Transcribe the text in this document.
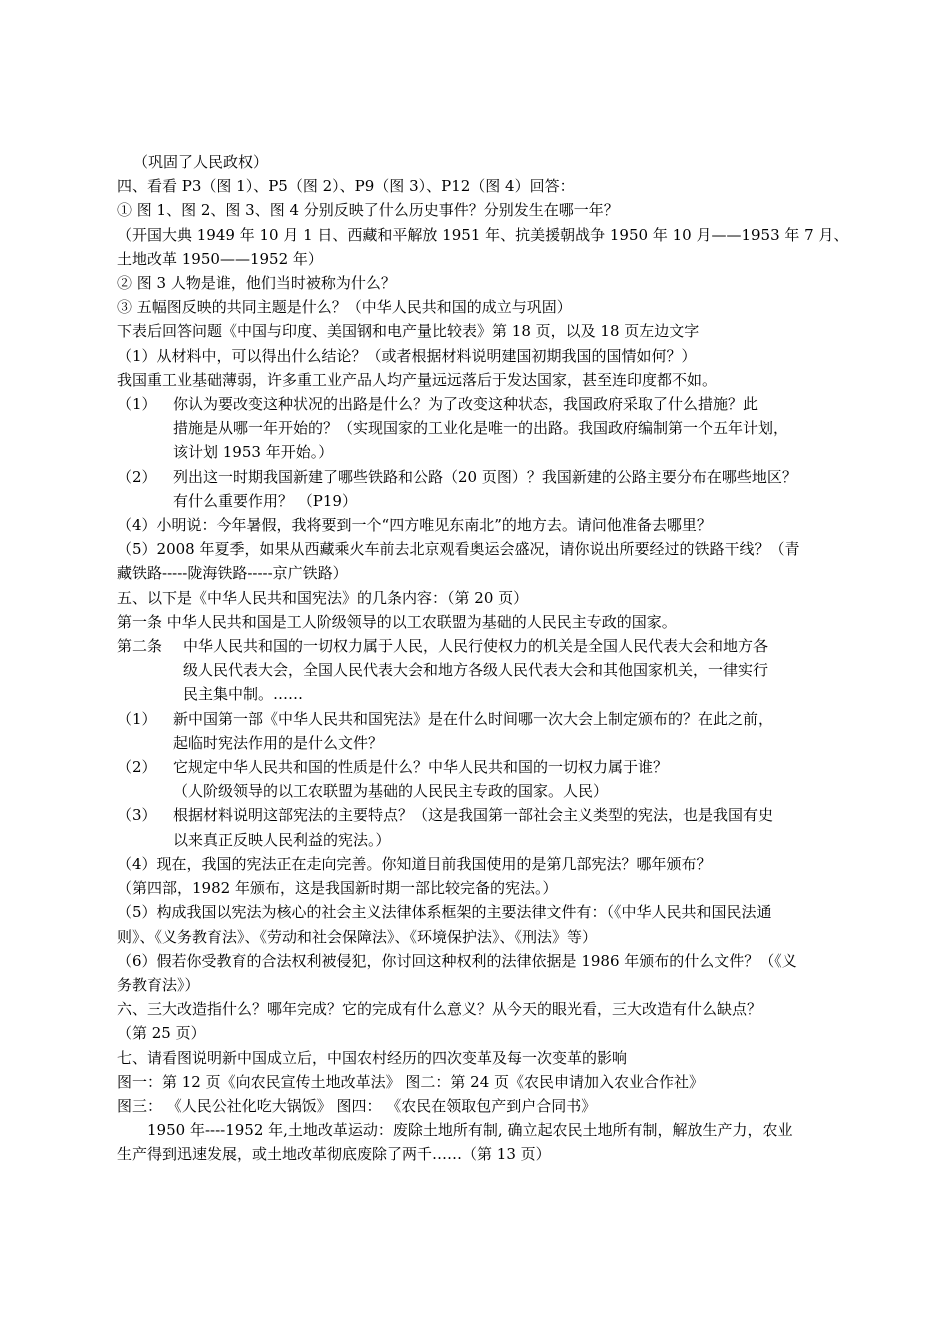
（巩固了人民政权）
四、看看 P3（图 1）、P5（图 2）、P9（图 3）、P12（图 4）回答：
① 图 1、图 2、图 3、图 4 分别反映了什么历史事件？分别发生在哪一年？
（开国大典 1949 年 10 月 1 日、西藏和平解放 1951 年、抗美援朝战争 1950 年 10 月——1953 年 7 月、
土地改革 1950——1952 年）
② 图 3 人物是谁，他们当时被称为什么？
③ 五幅图反映的共同主题是什么？（中华人民共和国的成立与巩固）
下表后回答问题《中国与印度、美国钢和电产量比较表》第 18 页，以及 18 页左边文字
（1）从材料中，可以得出什么结论？（或者根据材料说明建国初期我国的国情如何？）
我国重工业基础薄弱，许多重工业产品人均产量远远落后于发达国家，甚至连印度都不如。
（1）	你认为要改变这种状况的出路是什么？为了改变这种状态，我国政府采取了什么措施？此
措施是从哪一年开始的？（实现国家的工业化是唯一的出路。我国政府编制第一个五年计划，
该计划 1953 年开始。）
（2）	列出这一时期我国新建了哪些铁路和公路（20 页图）？我国新建的公路主要分布在哪些地区？
有什么重要作用？ （P19）
（4）小明说：今年暑假，我将要到一个“四方唯见东南北”的地方去。请问他准备去哪里？
（5）2008 年夏季，如果从西藏乘火车前去北京观看奥运会盛况，请你说出所要经过的铁路干线？（青
藏铁路-----陇海铁路-----京广铁路）
五、以下是《中华人民共和国宪法》的几条内容：（第 20 页）
第一条 中华人民共和国是工人阶级领导的以工农联盟为基础的人民民主专政的国家。
第二条	中华人民共和国的一切权力属于人民，人民行使权力的机关是全国人民代表大会和地方各
级人民代表大会，全国人民代表大会和地方各级人民代表大会和其他国家机关，一律实行
民主集中制。……
（1）	新中国第一部《中华人民共和国宪法》是在什么时间哪一次大会上制定颁布的？在此之前，
起临时宪法作用的是什么文件？
（2）	它规定中华人民共和国的性质是什么？中华人民共和国的一切权力属于谁？
（人阶级领导的以工农联盟为基础的人民民主专政的国家。人民）
（3）	根据材料说明这部宪法的主要特点？（这是我国第一部社会主义类型的宪法，也是我国有史
以来真正反映人民利益的宪法。）
（4）现在，我国的宪法正在走向完善。你知道目前我国使用的是第几部宪法？哪年颁布？
（第四部，1982 年颁布，这是我国新时期一部比较完备的宪法。）
（5）构成我国以宪法为核心的社会主义法律体系框架的主要法律文件有：（《中华人民共和国民法通
则》、《义务教育法》、《劳动和社会保障法》、《环境保护法》、《刑法》等）
（6）假若你受教育的合法权利被侵犯，你讨回这种权利的法律依据是 1986 年颁布的什么文件？（《义
务教育法》）
六、三大改造指什么？哪年完成？它的完成有什么意义？从今天的眼光看，三大改造有什么缺点？
（第 25 页）
七、请看图说明新中国成立后，中国农村经历的四次变革及每一次变革的影响
图一：第 12 页《向农民宣传土地改革法》 图二：第 24 页《农民申请加入农业合作社》
图三： 《人民公社化吃大锅饭》 图四： 《农民在领取包产到户合同书》
1950 年----1952 年,土地改革运动：废除土地所有制, 确立起农民土地所有制，解放生产力，农业
生产得到迅速发展，或土地改革彻底废除了两千……（第 13 页）
